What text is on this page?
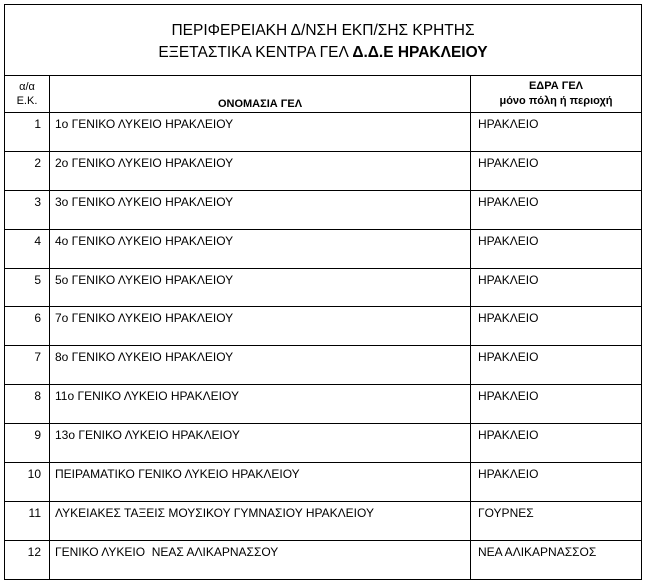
ΠΕΡΙΦΕΡΕΙΑΚΗ Δ/ΝΣΗ ΕΚΠ/ΣΗΣ ΚΡΗΤΗΣ
ΕΞΕΤΑΣΤΙΚΑ ΚΕΝΤΡΑ ΓΕΛ Δ.Δ.Ε ΗΡΑΚΛΕΙΟΥ		

α/α
Ε.Κ.	ΟΝΟΜΑΣΙΑ ΓΕΛ	ΕΔΡΑ ΓΕΛ
μόνο πόλη ή περιοχή

1	1ο ΓΕΝΙΚΟ ΛΥΚΕΙΟ ΗΡΑΚΛΕΙΟΥ	ΗΡΑΚΛΕΙΟ
2	2ο ΓΕΝΙΚΟ ΛΥΚΕΙΟ ΗΡΑΚΛΕΙΟΥ	ΗΡΑΚΛΕΙΟ
3	3ο ΓΕΝΙΚΟ ΛΥΚΕΙΟ ΗΡΑΚΛΕΙΟΥ	ΗΡΑΚΛΕΙΟ
4	4ο ΓΕΝΙΚΟ ΛΥΚΕΙΟ ΗΡΑΚΛΕΙΟΥ	ΗΡΑΚΛΕΙΟ
5	5ο ΓΕΝΙΚΟ ΛΥΚΕΙΟ ΗΡΑΚΛΕΙΟΥ	ΗΡΑΚΛΕΙΟ
6	7ο ΓΕΝΙΚΟ ΛΥΚΕΙΟ ΗΡΑΚΛΕΙΟΥ	ΗΡΑΚΛΕΙΟ
7	8ο ΓΕΝΙΚΟ ΛΥΚΕΙΟ ΗΡΑΚΛΕΙΟΥ	ΗΡΑΚΛΕΙΟ
8	11ο ΓΕΝΙΚΟ ΛΥΚΕΙΟ ΗΡΑΚΛΕΙΟΥ	ΗΡΑΚΛΕΙΟ
9	13ο ΓΕΝΙΚΟ ΛΥΚΕΙΟ ΗΡΑΚΛΕΙΟΥ	ΗΡΑΚΛΕΙΟ
10	ΠΕΙΡΑΜΑΤΙΚΟ ΓΕΝΙΚΟ ΛΥΚΕΙΟ ΗΡΑΚΛΕΙΟΥ	ΗΡΑΚΛΕΙΟ
11	ΛΥΚΕΙΑΚΕΣ ΤΑΞΕΙΣ ΜΟΥΣΙΚΟΥ ΓΥΜΝΑΣΙΟΥ ΗΡΑΚΛΕΙΟΥ	ΓΟΥΡΝΕΣ
12	ΓΕΝΙΚΟ ΛΥΚΕΙΟ  ΝΕΑΣ ΑΛΙΚΑΡΝΑΣΣΟΥ	ΝΕΑ ΑΛΙΚΑΡΝΑΣΣΟΣ
